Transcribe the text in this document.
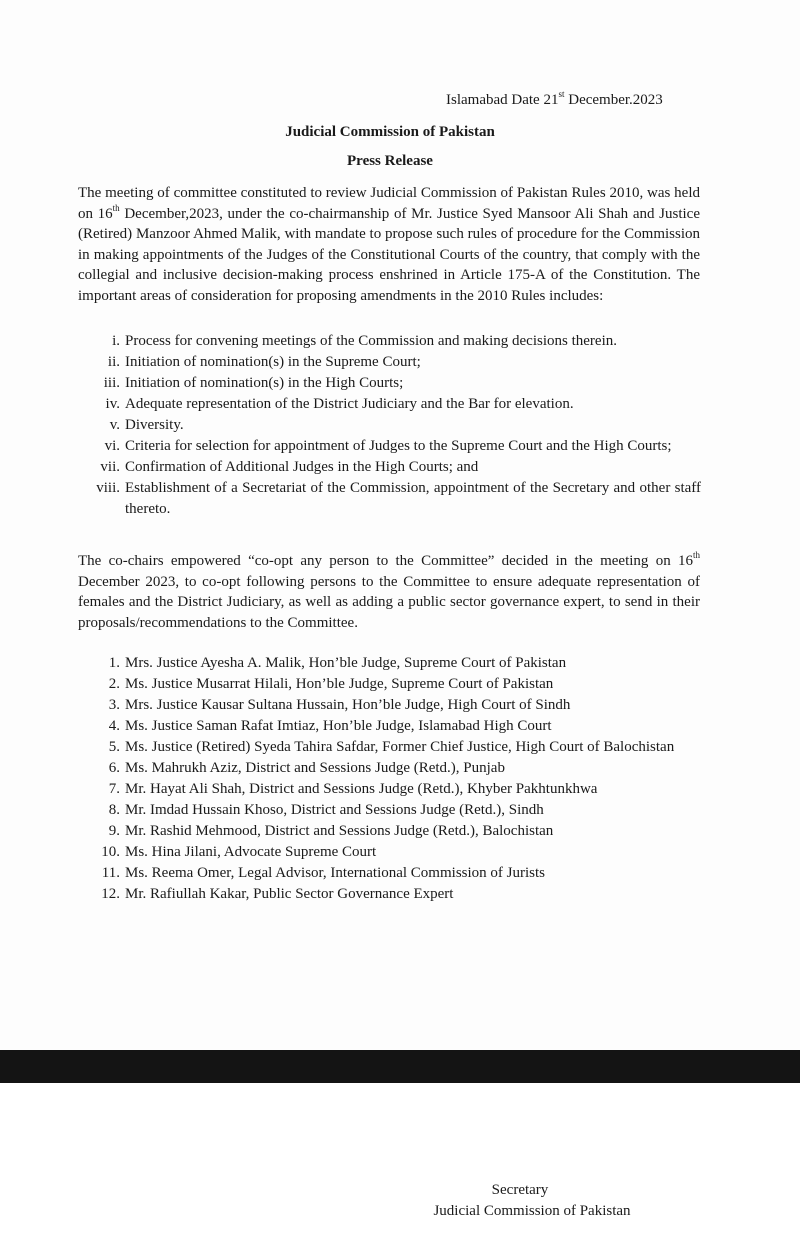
Islamabad Date 21st December.2023
Judicial Commission of Pakistan
Press Release
The meeting of committee constituted to review Judicial Commission of Pakistan Rules 2010, was held on 16th December,2023, under the co-chairmanship of Mr. Justice Syed Mansoor Ali Shah and Justice (Retired) Manzoor Ahmed Malik, with mandate to propose such rules of procedure for the Commission in making appointments of the Judges of the Constitutional Courts of the country, that comply with the collegial and inclusive decision-making process enshrined in Article 175-A of the Constitution. The important areas of consideration for proposing amendments in the 2010 Rules includes:
i. Process for convening meetings of the Commission and making decisions therein.
ii. Initiation of nomination(s) in the Supreme Court;
iii. Initiation of nomination(s) in the High Courts;
iv. Adequate representation of the District Judiciary and the Bar for elevation.
v. Diversity.
vi. Criteria for selection for appointment of Judges to the Supreme Court and the High Courts;
vii. Confirmation of Additional Judges in the High Courts; and
viii. Establishment of a Secretariat of the Commission, appointment of the Secretary and other staff thereto.
The co-chairs empowered “co-opt any person to the Committee” decided in the meeting on 16th December 2023, to co-opt following persons to the Committee to ensure adequate representation of females and the District Judiciary, as well as adding a public sector governance expert, to send in their proposals/recommendations to the Committee.
1. Mrs. Justice Ayesha A. Malik, Hon’ble Judge, Supreme Court of Pakistan
2. Ms. Justice Musarrat Hilali, Hon’ble Judge, Supreme Court of Pakistan
3. Mrs. Justice Kausar Sultana Hussain, Hon’ble Judge, High Court of Sindh
4. Ms. Justice Saman Rafat Imtiaz, Hon’ble Judge, Islamabad High Court
5. Ms. Justice (Retired) Syeda Tahira Safdar, Former Chief Justice, High Court of Balochistan
6. Ms. Mahrukh Aziz, District and Sessions Judge (Retd.), Punjab
7. Mr. Hayat Ali Shah, District and Sessions Judge (Retd.), Khyber Pakhtunkhwa
8. Mr. Imdad Hussain Khoso, District and Sessions Judge (Retd.), Sindh
9. Mr. Rashid Mehmood, District and Sessions Judge (Retd.), Balochistan
10. Ms. Hina Jilani, Advocate Supreme Court
11. Ms. Reema Omer, Legal Advisor, International Commission of Jurists
12. Mr. Rafiullah Kakar, Public Sector Governance Expert
Secretary
Judicial Commission of Pakistan
